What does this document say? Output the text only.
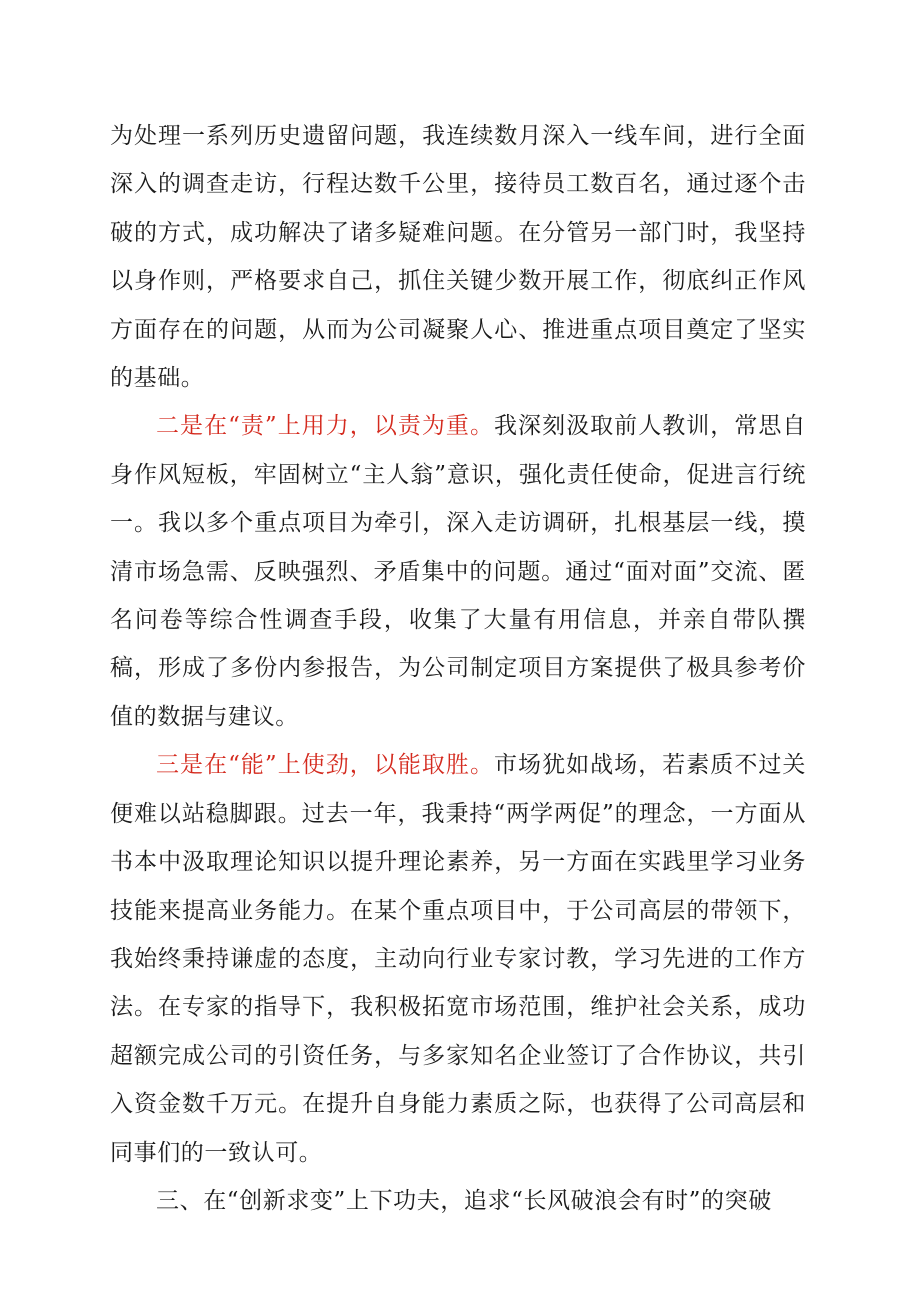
为处理一系列历史遗留问题，我连续数月深入一线车间，进行全面深入的调查走访，行程达数千公里，接待员工数百名，通过逐个击破的方式，成功解决了诸多疑难问题。在分管另一部门时，我坚持以身作则，严格要求自己，抓住关键少数开展工作，彻底纠正作风方面存在的问题，从而为公司凝聚人心、推进重点项目奠定了坚实的基础。

二是在“责”上用力，以责为重。我深刻汲取前人教训，常思自身作风短板，牢固树立“主人翁”意识，强化责任使命，促进言行统一。我以多个重点项目为牵引，深入走访调研，扎根基层一线，摸清市场急需、反映强烈、矛盾集中的问题。通过“面对面”交流、匿名问卷等综合性调查手段，收集了大量有用信息，并亲自带队撰稿，形成了多份内参报告，为公司制定项目方案提供了极具参考价值的数据与建议。

三是在“能”上使劲，以能取胜。市场犹如战场，若素质不过关便难以站稳脚跟。过去一年，我秉持“两学两促”的理念，一方面从书本中汲取理论知识以提升理论素养，另一方面在实践里学习业务技能来提高业务能力。在某个重点项目中，于公司高层的带领下，我始终秉持谦虚的态度，主动向行业专家讨教，学习先进的工作方法。在专家的指导下，我积极拓宽市场范围，维护社会关系，成功超额完成公司的引资任务，与多家知名企业签订了合作协议，共引入资金数千万元。在提升自身能力素质之际，也获得了公司高层和同事们的一致认可。

三、在“创新求变”上下功夫，追求“长风破浪会有时”的突破
